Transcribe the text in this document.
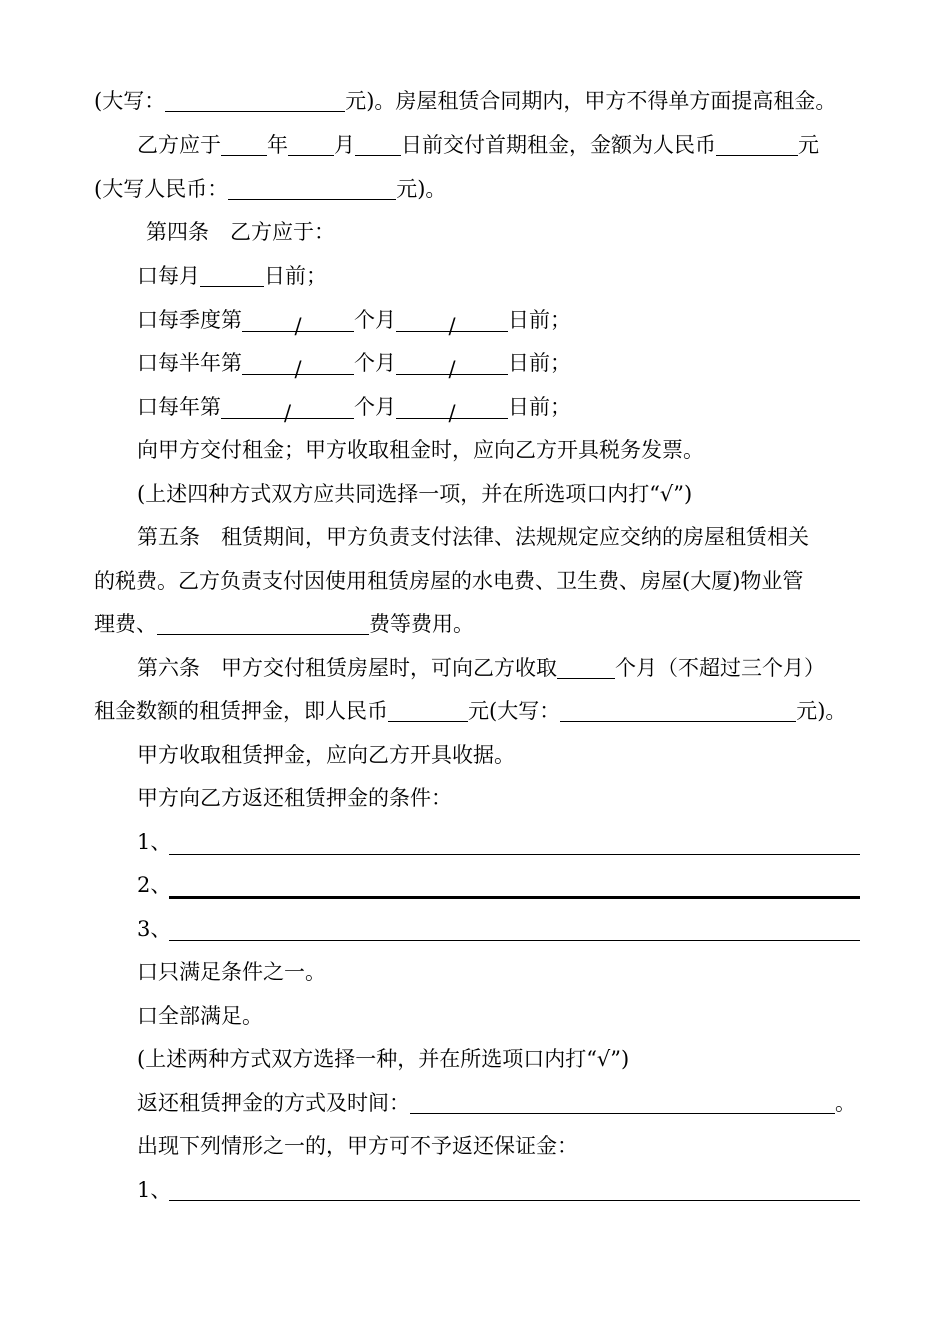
(大写：	元)。房屋租赁合同期内，甲方不得单方面提高租金。
乙方应于 年 月 日前交付首期租金，金额为人民币	元
(大写人民币：	元)。
第四条　乙方应于：
口每月	日前；
口每季度第 / 个月 / 日前；
口每半年第 / 个月 / 日前；
口每年第	/	个月 / 日前；
向甲方交付租金；甲方收取租金时，应向乙方开具税务发票。
(上述四种方式双方应共同选择一项，并在所选项口内打“√”)
第五条　租赁期间，甲方负责支付法律、法规规定应交纳的房屋租赁相关
的税费。乙方负责支付因使用租赁房屋的水电费、卫生费、房屋(大厦)物业管
理费、	费等费用。
第六条　甲方交付租赁房屋时，可向乙方收取	个月（不超过三个月）
租金数额的租赁押金，即人民币	元(大写：	元)。
甲方收取租赁押金，应向乙方开具收据。
甲方向乙方返还租赁押金的条件：
1、
2、
3、
口只满足条件之一。
口全部满足。
(上述两种方式双方选择一种，并在所选项口内打“√”)
返还租赁押金的方式及时间：	。
出现下列情形之一的，甲方可不予返还保证金：
1、
